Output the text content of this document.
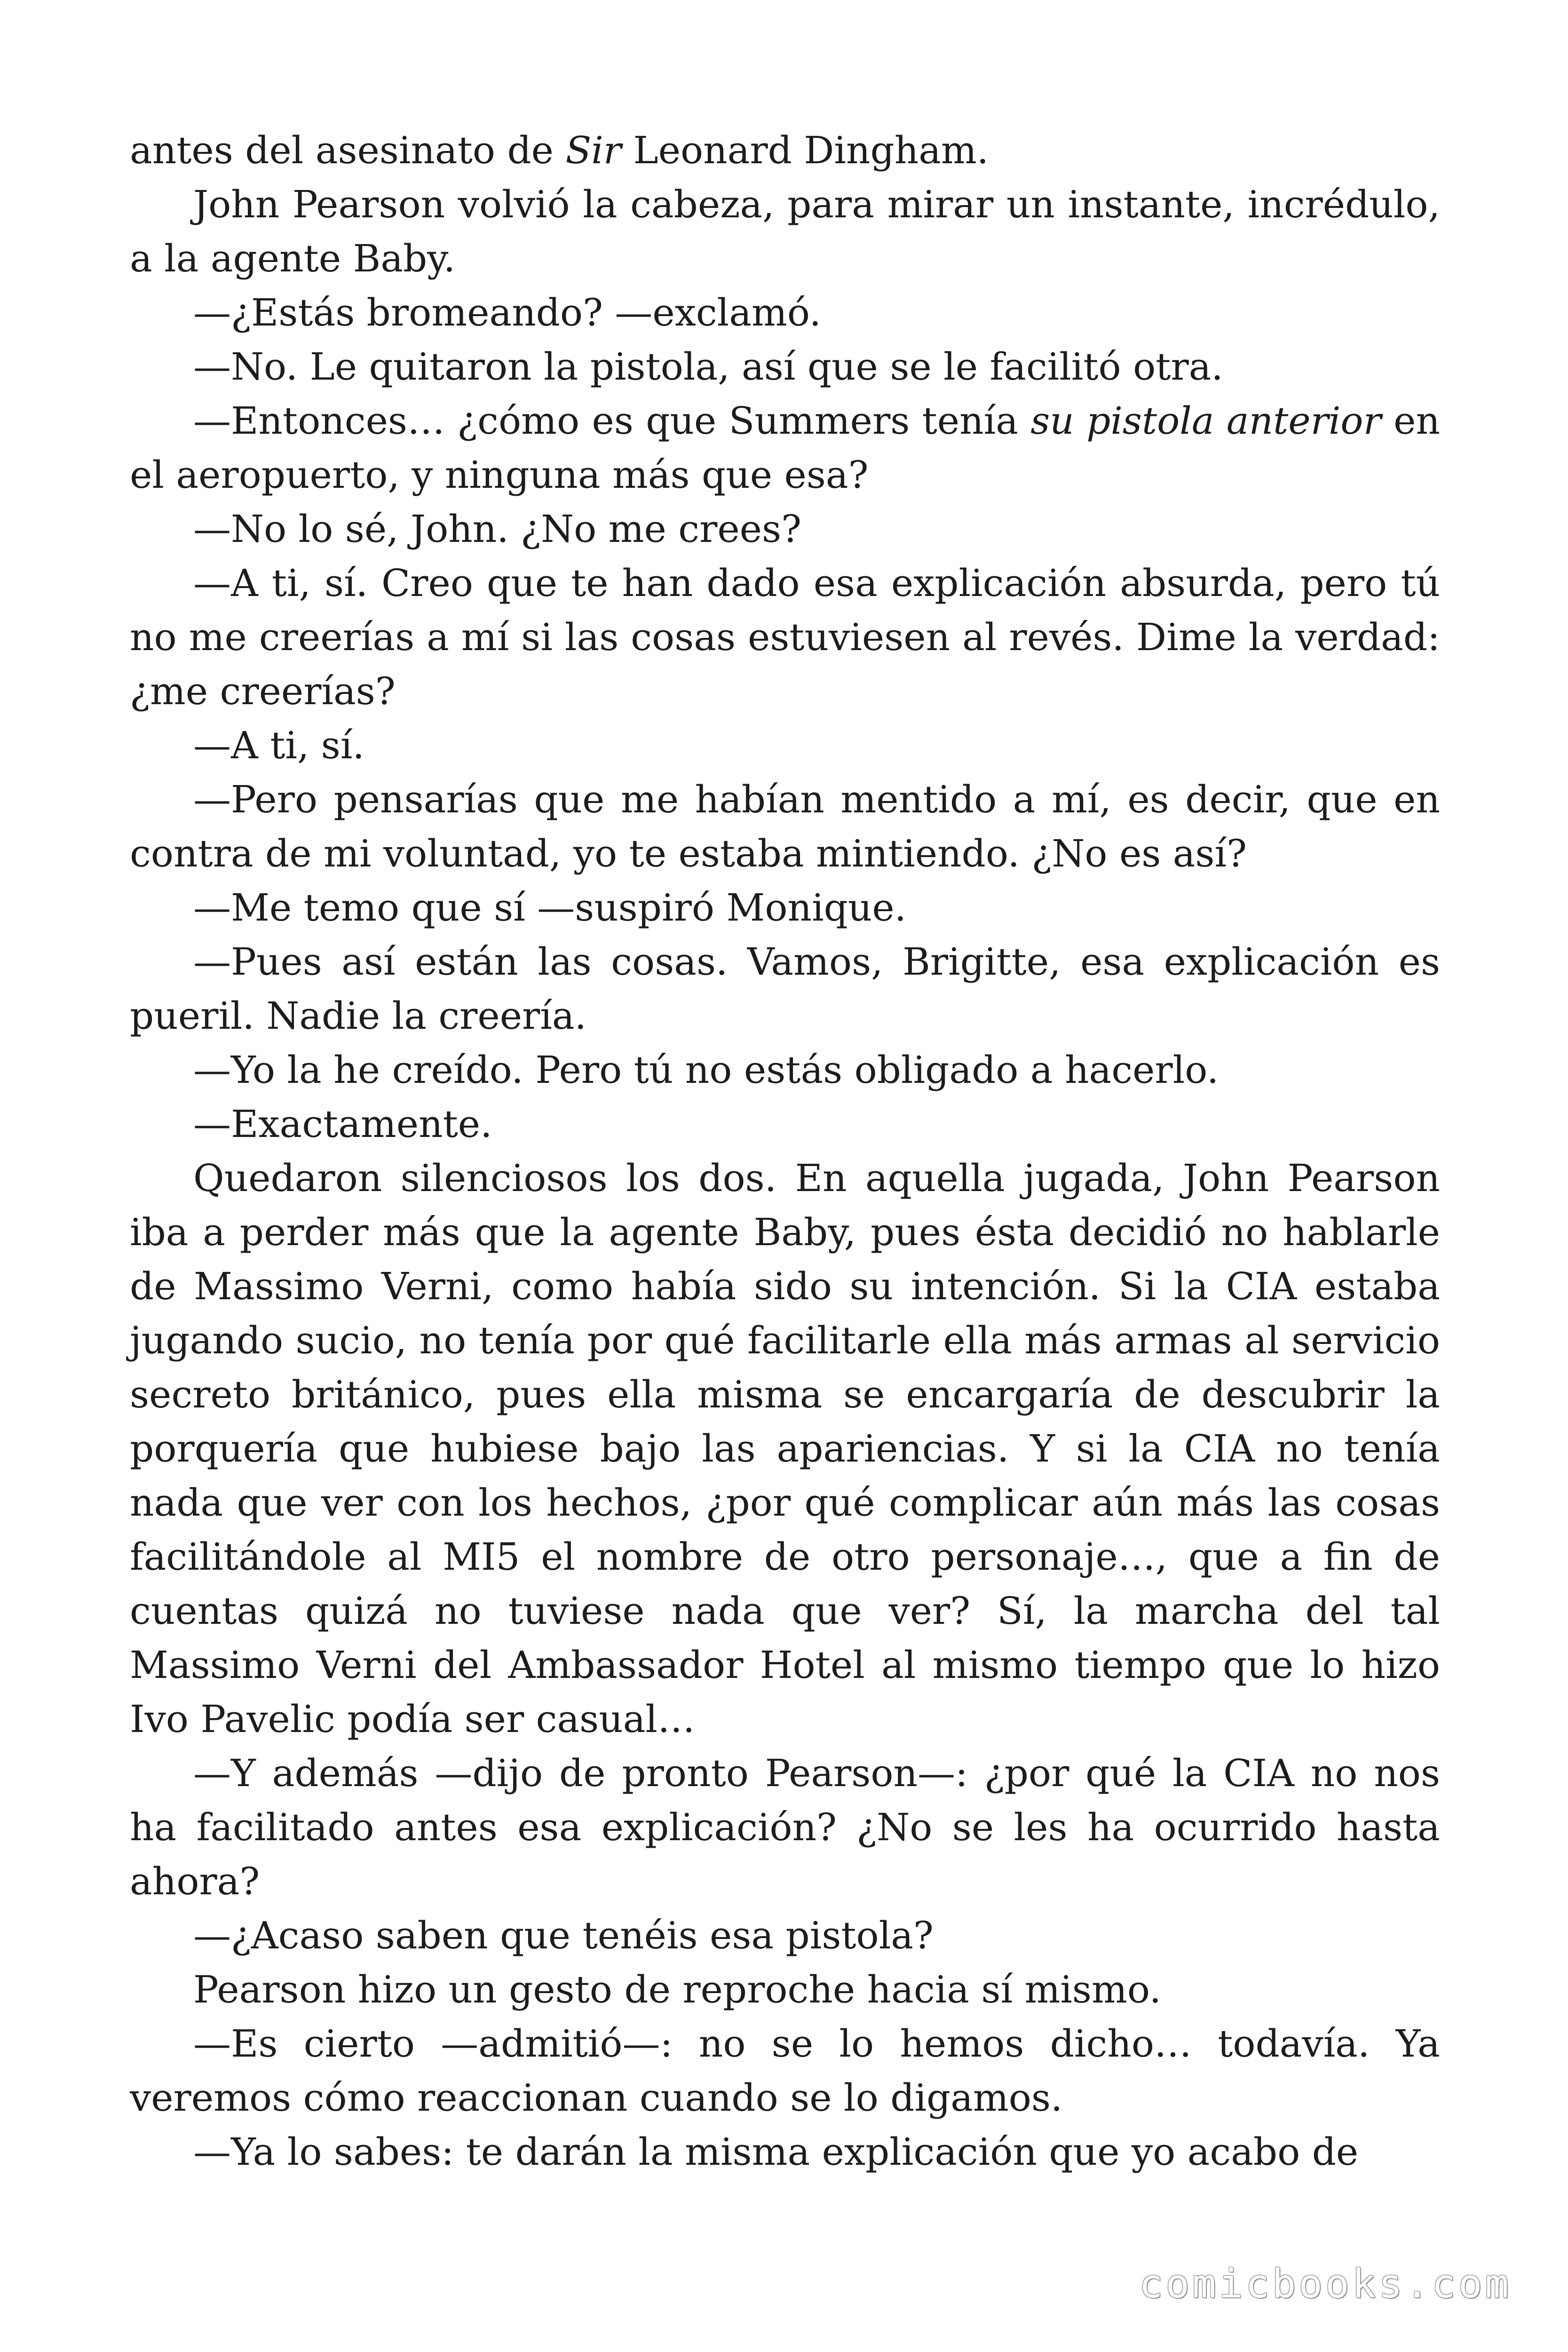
antes del asesinato de Sir Leonard Dingham.

John Pearson volvió la cabeza, para mirar un instante, incrédulo, a la agente Baby.

—¿Estás bromeando? —exclamó.

—No. Le quitaron la pistola, así que se le facilitó otra.

—Entonces… ¿cómo es que Summers tenía su pistola anterior en el aeropuerto, y ninguna más que esa?

—No lo sé, John. ¿No me crees?

—A ti, sí. Creo que te han dado esa explicación absurda, pero tú no me creerías a mí si las cosas estuviesen al revés. Dime la verdad: ¿me creerías?

—A ti, sí.

—Pero pensarías que me habían mentido a mí, es decir, que en contra de mi voluntad, yo te estaba mintiendo. ¿No es así?

—Me temo que sí —suspiró Monique.

—Pues así están las cosas. Vamos, Brigitte, esa explicación es pueril. Nadie la creería.

—Yo la he creído. Pero tú no estás obligado a hacerlo.

—Exactamente.

Quedaron silenciosos los dos. En aquella jugada, John Pearson iba a perder más que la agente Baby, pues ésta decidió no hablarle de Massimo Verni, como había sido su intención. Si la CIA estaba jugando sucio, no tenía por qué facilitarle ella más armas al servicio secreto británico, pues ella misma se encargaría de descubrir la porquería que hubiese bajo las apariencias. Y si la CIA no tenía nada que ver con los hechos, ¿por qué complicar aún más las cosas facilitándole al MI5 el nombre de otro personaje…, que a fin de cuentas quizá no tuviese nada que ver? Sí, la marcha del tal Massimo Verni del Ambassador Hotel al mismo tiempo que lo hizo Ivo Pavelic podía ser casual…

—Y además —dijo de pronto Pearson—: ¿por qué la CIA no nos ha facilitado antes esa explicación? ¿No se les ha ocurrido hasta ahora?

—¿Acaso saben que tenéis esa pistola?

Pearson hizo un gesto de reproche hacia sí mismo.

—Es cierto —admitió—: no se lo hemos dicho… todavía. Ya veremos cómo reaccionan cuando se lo digamos.

—Ya lo sabes: te darán la misma explicación que yo acabo de

comicbooks.com
